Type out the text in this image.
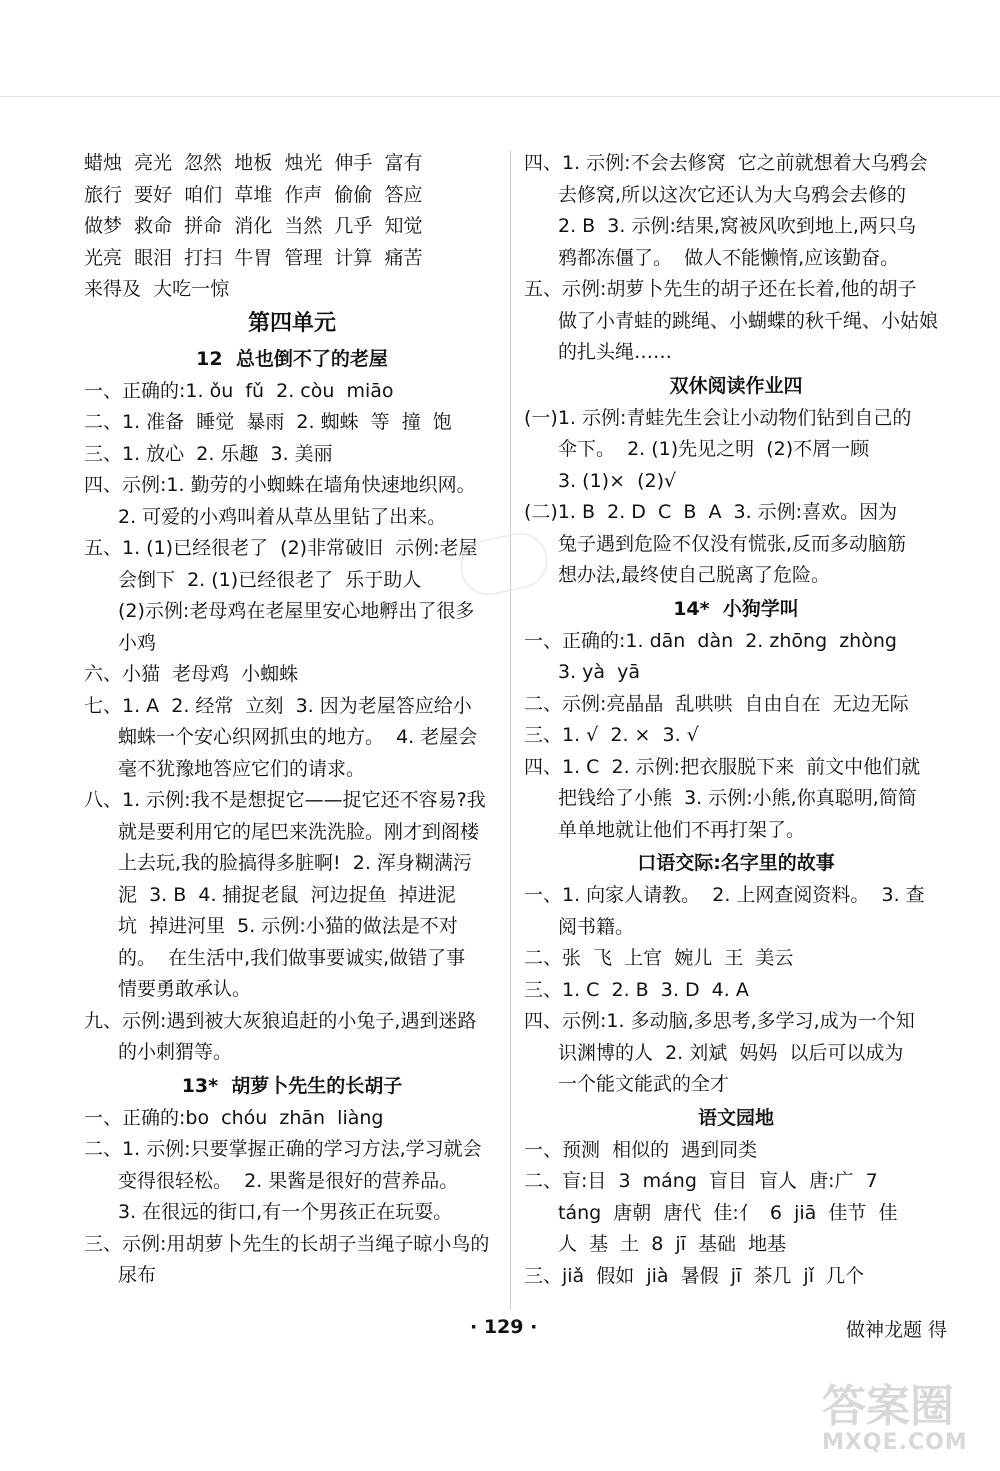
蜡烛  亮光  忽然  地板  烛光  伸手  富有
旅行  要好  咱们  草堆  作声  偷偷  答应
做梦  救命  拼命  消化  当然  几乎  知觉
光亮  眼泪  打扫  牛胃  管理  计算  痛苦
来得及  大吃一惊
第四单元
12  总也倒不了的老屋
一、正确的:1. ǒu  fǔ  2. còu  miāo
二、1. 准备  睡觉  暴雨  2. 蜘蛛  等  撞  饱
三、1. 放心  2. 乐趣  3. 美丽
四、示例:1. 勤劳的小蜘蛛在墙角快速地织网。
2. 可爱的小鸡叫着从草丛里钻了出来。
五、1. (1)已经很老了  (2)非常破旧  示例:老屋
会倒下  2. (1)已经很老了  乐于助人
(2)示例:老母鸡在老屋里安心地孵出了很多
小鸡
六、小猫  老母鸡  小蜘蛛
七、1. A  2. 经常  立刻  3. 因为老屋答应给小
蜘蛛一个安心织网抓虫的地方。  4. 老屋会
毫不犹豫地答应它们的请求。
八、1. 示例:我不是想捉它——捉它还不容易?我
就是要利用它的尾巴来洗洗脸。刚才到阁楼
上去玩,我的脸搞得多脏啊!  2. 浑身糊满污
泥  3. B  4. 捕捉老鼠  河边捉鱼  掉进泥
坑  掉进河里  5. 示例:小猫的做法是不对
的。  在生活中,我们做事要诚实,做错了事
情要勇敢承认。
九、示例:遇到被大灰狼追赶的小兔子,遇到迷路
的小刺猬等。
13*  胡萝卜先生的长胡子
一、正确的:bo  chóu  zhān  liàng
二、1. 示例:只要掌握正确的学习方法,学习就会
变得很轻松。  2. 果酱是很好的营养品。
3. 在很远的街口,有一个男孩正在玩耍。
三、示例:用胡萝卜先生的长胡子当绳子晾小鸟的
尿布
四、1. 示例:不会去修窝  它之前就想着大乌鸦会
去修窝,所以这次它还认为大乌鸦会去修的
2. B  3. 示例:结果,窝被风吹到地上,两只乌
鸦都冻僵了。  做人不能懒惰,应该勤奋。
五、示例:胡萝卜先生的胡子还在长着,他的胡子
做了小青蛙的跳绳、小蝴蝶的秋千绳、小姑娘
的扎头绳……
双休阅读作业四
(一)1. 示例:青蛙先生会让小动物们钻到自己的
伞下。  2. (1)先见之明  (2)不屑一顾
3. (1)×  (2)√
(二)1. B  2. D  C  B  A  3. 示例:喜欢。因为
兔子遇到危险不仅没有慌张,反而多动脑筋
想办法,最终使自己脱离了危险。
14*  小狗学叫
一、正确的:1. dān  dàn  2. zhōng  zhòng
3. yà  yā
二、示例:亮晶晶  乱哄哄  自由自在  无边无际
三、1. √  2. ×  3. √
四、1. C  2. 示例:把衣服脱下来  前文中他们就
把钱给了小熊  3. 示例:小熊,你真聪明,简简
单单地就让他们不再打架了。
口语交际:名字里的故事
一、1. 向家人请教。  2. 上网查阅资料。  3. 查
阅书籍。
二、张  飞  上官  婉儿  王  美云
三、1. C  2. B  3. D  4. A
四、示例:1. 多动脑,多思考,多学习,成为一个知
识渊博的人  2. 刘斌  妈妈  以后可以成为
一个能文能武的全才
语文园地
一、预测  相似的  遇到同类
二、盲:目  3  máng  盲目  盲人  唐:广  7
táng  唐朝  唐代  佳:亻  6  jiā  佳节  佳
人  基  土  8  jī  基础  地基
三、jiǎ  假如  jià  暑假  jī  茶几  jǐ  几个
· 129 ·	做神龙题 得
答案圈
MXQE.COM
